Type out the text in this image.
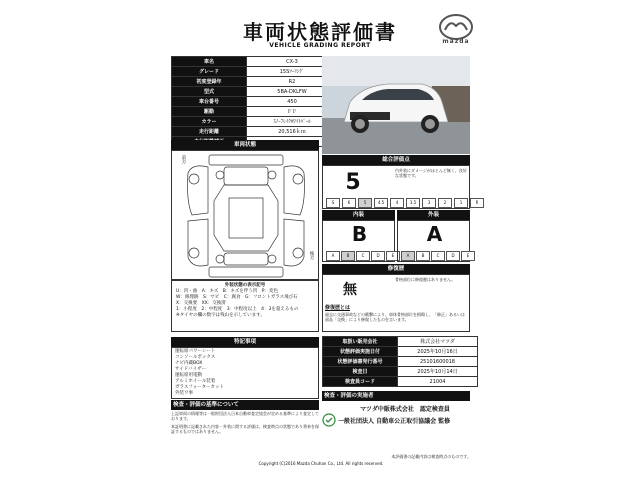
車両状態評価書
VEHICLE GRADING REPORT
mazda
車名	CX-3
グレード	15Sﾂｰﾘﾝｸﾞ
初度登録年	R2
型式	5BA-DKLFW
車台番号	450
駆動	ＦＦ
カラー	ｽﾉｰﾌﾚｲｸﾎﾜｲﾄﾊﾟｰﾙ
走行距離	20,516ｋｍ

車両状態
前方
後方
外装状態の表示記号
U：凹・曲　A：キズ　B：キズを伴う凹　P：変色
W：修理跡　S：サビ　C：腐食　G：フロントガラス飛び石
X：交換要　XX：交換済
1：小程度　2：中程度　3：中程度以上　4：3を超えるもの
※タイヤの欄の数字は残山を示しています。
特記事項
運転席パワーシート
コンソールボックス
ナビ内蔵BOX
サイドバイザー
運転席用電動
アルミホイール装着
ガラスフォーターカット
外装ワ事
検査・評価の基準について
上記車両の情報等は一般財団法人日本自動車査定協会が定める基準により査定しております。
本証明書に記載された内容・外装に関する評価は、検査時点の状態であり将来を保証するものではありません。
総合評価点
5	内外装にダメージがほとんど無く、良好な状態です。
S	6	5	4.5	4	3.5	3	2	1	R
内装	外装
B
A	B	C	D	E
A
A	B	C	D	E
修復歴
無
骨格部位に修復歴はありません。
修復歴とは
過去に交通事故などの衝撃により、車体骨格部位を損傷し、「修正」あるいは部品「交換」により修復したものを言います。
取扱い販売会社	株式会社マツダ
状態評価実施日付	2025年10月16日
状態評価書発行番号	25101600018
検査日	2025年10月14日
検査員コード	21004
検査・評価の実施者
マツダ中販株式会社　認定検査員
一般社団法人 自動車公正取引協議会 監修
本評価書の記載内容は検査時点のものです。
Copyright (C)2016 Mazda Chuhan Co., Ltd. All rights reserved.
